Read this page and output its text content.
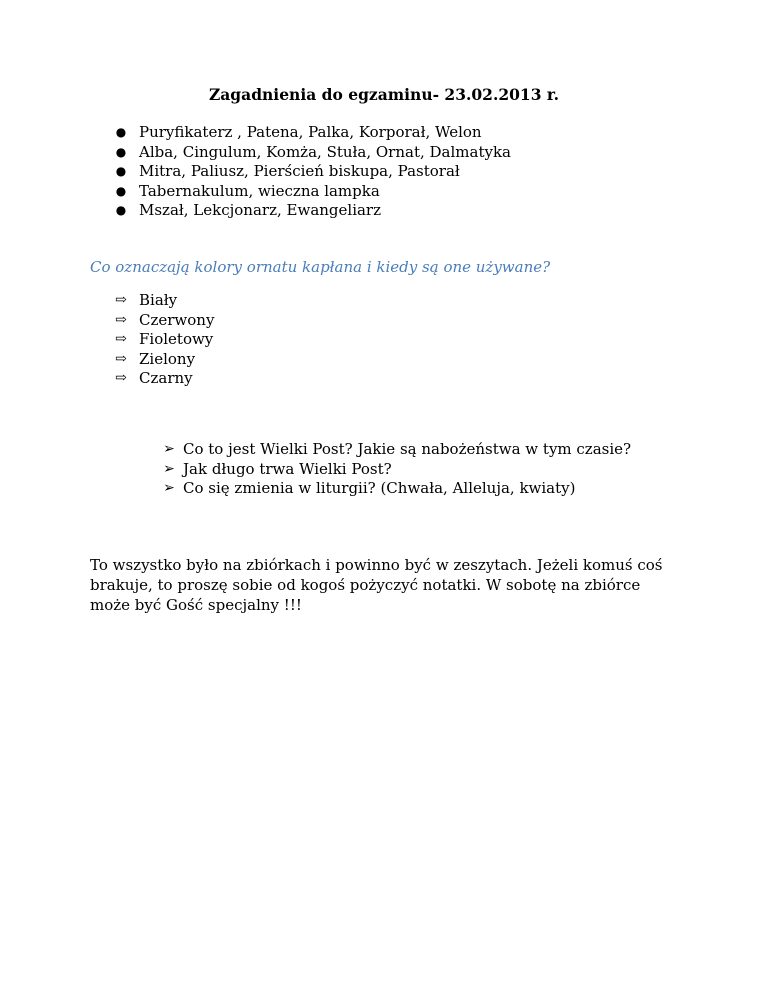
Zagadnienia do egzaminu- 23.02.2013 r.
● Puryfikaterz , Patena, Palka, Korporał, Welon
● Alba, Cingulum, Komża, Stuła, Ornat, Dalmatyka
● Mitra, Paliusz, Pierścień biskupa, Pastorał
● Tabernakulum, wieczna lampka
● Mszał, Lekcjonarz, Ewangeliarz
Co oznaczają kolory ornatu kapłana i kiedy są one używane?
⇨ Biały
⇨ Czerwony
⇨ Fioletowy
⇨ Zielony
⇨ Czarny
➢ Co to jest Wielki Post? Jakie są nabożeństwa w tym czasie?
➢ Jak długo trwa Wielki Post?
➢ Co się zmienia w liturgii? (Chwała, Alleluja, kwiaty)

To wszystko było na zbiórkach i powinno być w zeszytach. Jeżeli komuś coś

brakuje, to proszę sobie od kogoś pożyczyć notatki. W sobotę na zbiórce

może być Gość specjalny !!!
